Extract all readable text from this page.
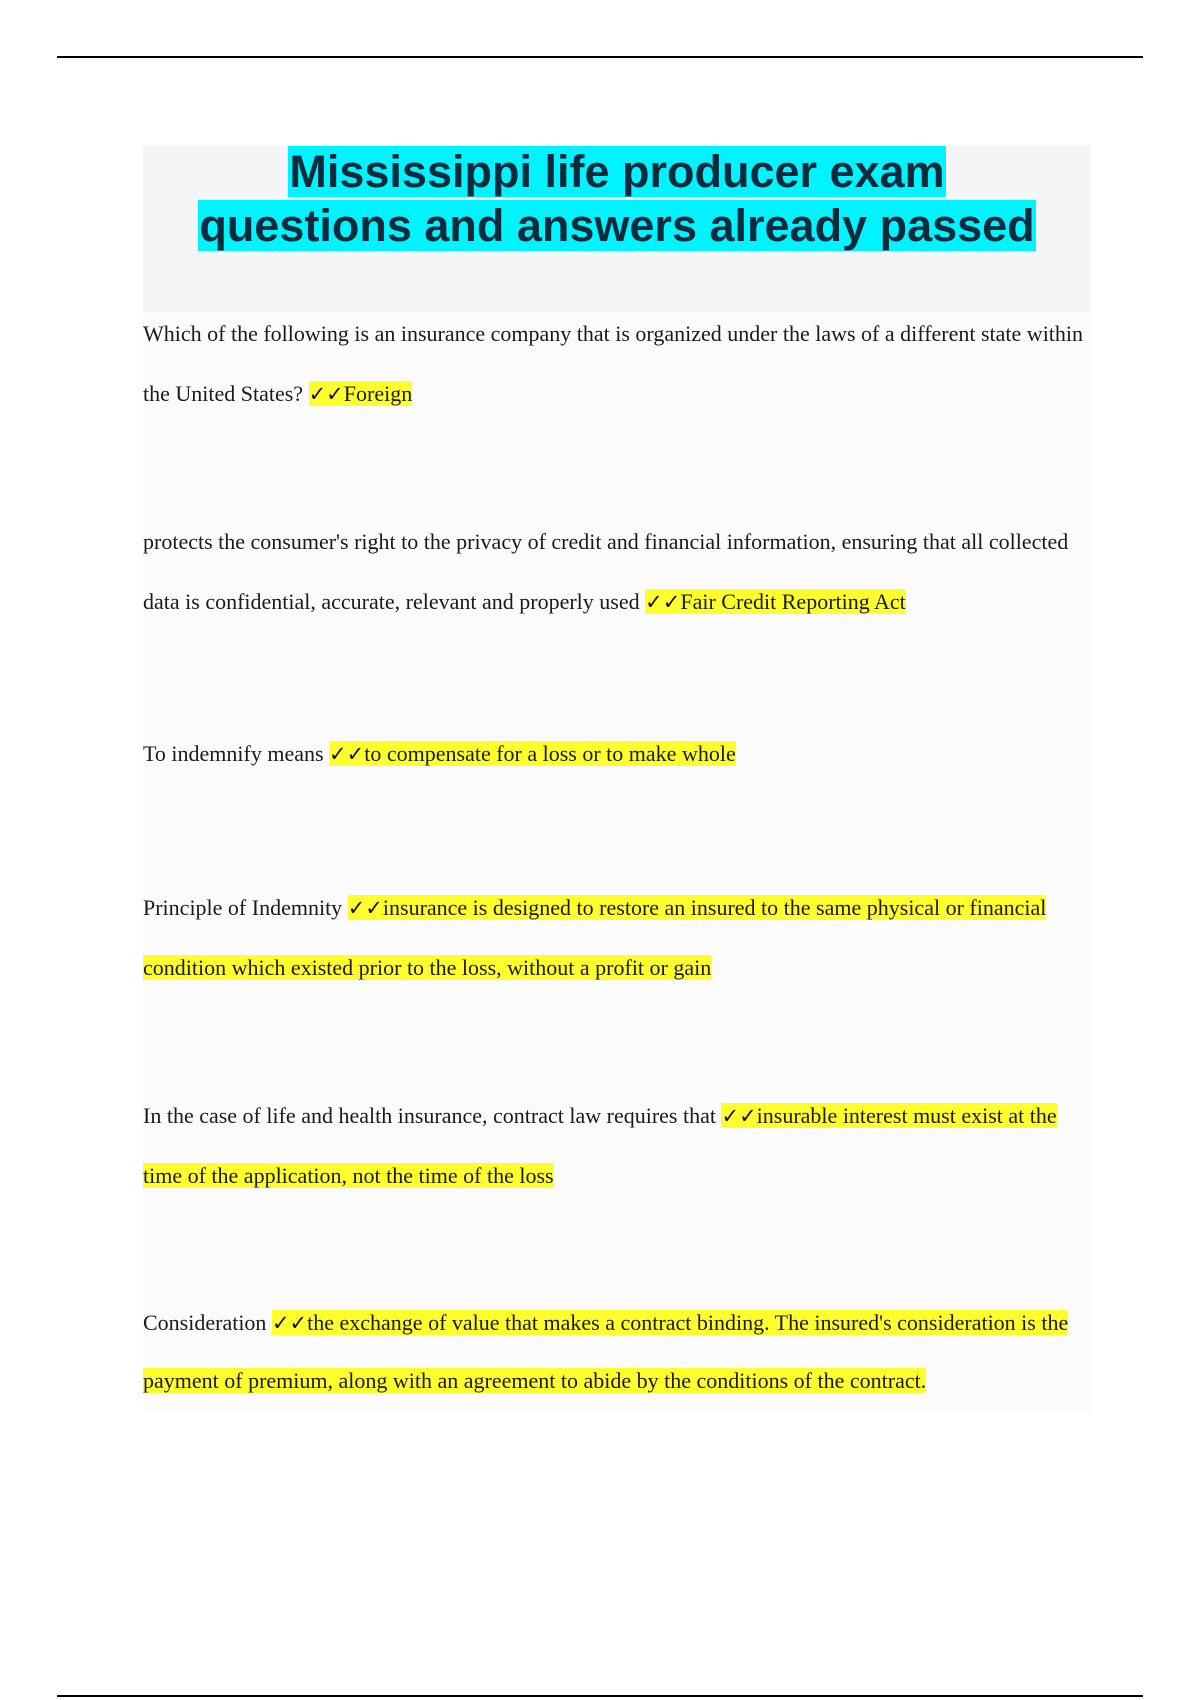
Mississippi life producer exam
questions and answers already passed

Which of the following is an insurance company that is organized under the laws of a different state within the United States? ✓✓Foreign

protects the consumer's right to the privacy of credit and financial information, ensuring that all collected data is confidential, accurate, relevant and properly used ✓✓Fair Credit Reporting Act

To indemnify means ✓✓to compensate for a loss or to make whole

Principle of Indemnity ✓✓insurance is designed to restore an insured to the same physical or financial condition which existed prior to the loss, without a profit or gain

In the case of life and health insurance, contract law requires that ✓✓insurable interest must exist at the time of the application, not the time of the loss

Consideration ✓✓the exchange of value that makes a contract binding. The insured's consideration is the payment of premium, along with an agreement to abide by the conditions of the contract.
